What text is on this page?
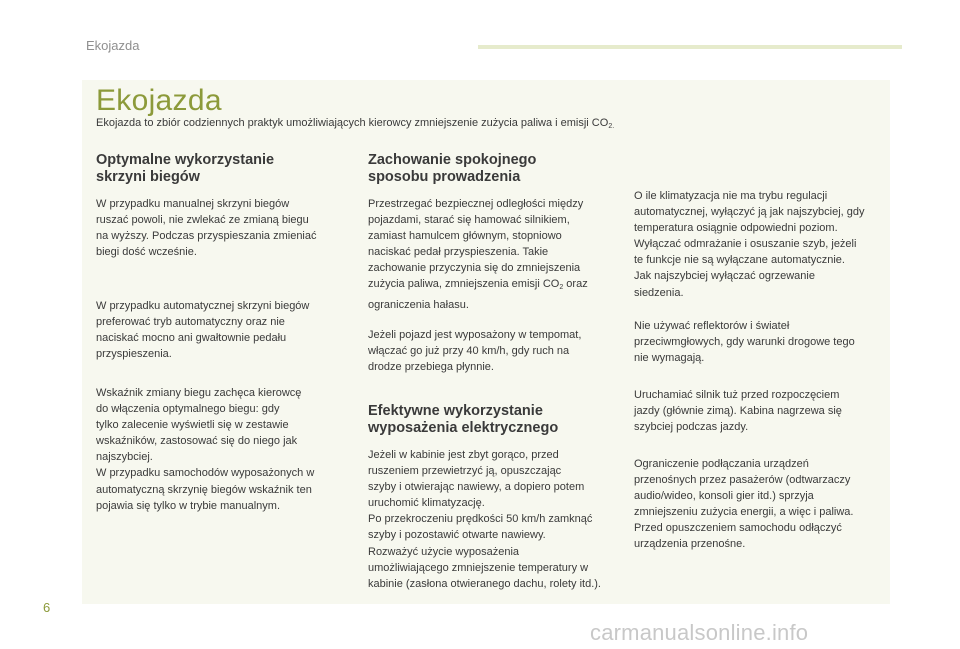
Ekojazda
Ekojazda
Ekojazda to zbiór codziennych praktyk umożliwiających kierowcy zmniejszenie zużycia paliwa i emisji $CO_{2.}$
Optymalne wykorzystanie
skrzyni biegów

W przypadku manualnej skrzyni biegów
ruszać powoli, nie zwlekać ze zmianą biegu
na wyższy. Podczas przyspieszania zmieniać
biegi dość wcześnie.

W przypadku automatycznej skrzyni biegów
preferować tryb automatyczny oraz nie
naciskać mocno ani gwałtownie pedału
przyspieszenia.

Wskaźnik zmiany biegu zachęca kierowcę
do włączenia optymalnego biegu: gdy
tylko zalecenie wyświetli się w zestawie
wskaźników, zastosować się do niego jak
najszybciej.
W przypadku samochodów wyposażonych w
automatyczną skrzynię biegów wskaźnik ten
pojawia się tylko w trybie manualnym.

Zachowanie spokojnego
sposobu prowadzenia

Przestrzegać bezpiecznej odległości między
pojazdami, starać się hamować silnikiem,
zamiast hamulcem głównym, stopniowo
naciskać pedał przyspieszenia. Takie
zachowanie przyczynia się do zmniejszenia
zużycia paliwa, zmniejszenia emisji $CO_2$ oraz
ograniczenia hałasu.

Jeżeli pojazd jest wyposażony w tempomat,
włączać go już przy 40 km/h, gdy ruch na
drodze przebiega płynnie.

Efektywne wykorzystanie
wyposażenia elektrycznego

Jeżeli w kabinie jest zbyt gorąco, przed
ruszeniem przewietrzyć ją, opuszczając
szyby i otwierając nawiewy, a dopiero potem
uruchomić klimatyzację.
Po przekroczeniu prędkości 50 km/h zamknąć
szyby i pozostawić otwarte nawiewy.
Rozważyć użycie wyposażenia
umożliwiającego zmniejszenie temperatury w
kabinie (zasłona otwieranego dachu, rolety itd.).

O ile klimatyzacja nie ma trybu regulacji
automatycznej, wyłączyć ją jak najszybciej, gdy
temperatura osiągnie odpowiedni poziom.
Wyłączać odmrażanie i osuszanie szyb, jeżeli
te funkcje nie są wyłączane automatycznie.
Jak najszybciej wyłączać ogrzewanie
siedzenia.

Nie używać reflektorów i świateł
przeciwmgłowych, gdy warunki drogowe tego
nie wymagają.

Uruchamiać silnik tuż przed rozpoczęciem
jazdy (głównie zimą). Kabina nagrzewa się
szybciej podczas jazdy.

Ograniczenie podłączania urządzeń
przenośnych przez pasażerów (odtwarzaczy
audio/wideo, konsoli gier itd.) sprzyja
zmniejszeniu zużycia energii, a więc i paliwa.
Przed opuszczeniem samochodu odłączyć
urządzenia przenośne.

6
carmanualsonline.info
